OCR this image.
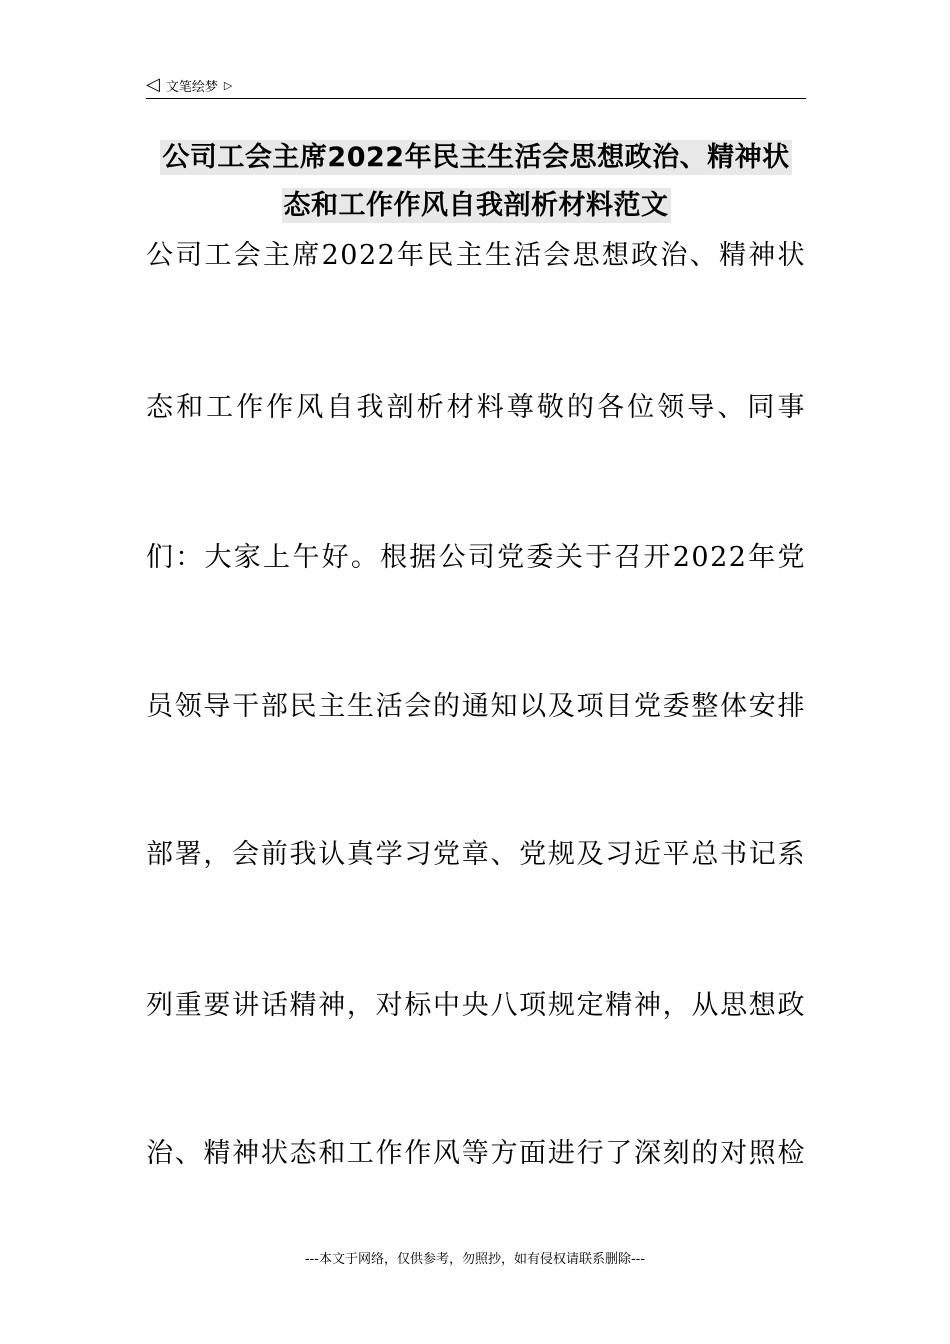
◁ 文笔绘梦 ▷
公司工会主席2022年民主生活会思想政治、精神状
态和工作作风自我剖析材料范文
公司工会主席2022年民主生活会思想政治、精神状
态和工作作风自我剖析材料尊敬的各位领导、同事
们：大家上午好。根据公司党委关于召开2022年党
员领导干部民主生活会的通知以及项目党委整体安排
部署，会前我认真学习党章、党规及习近平总书记系
列重要讲话精神，对标中央八项规定精神，从思想政
治、精神状态和工作作风等方面进行了深刻的对照检
---本文于网络，仅供参考，勿照抄，如有侵权请联系删除---
